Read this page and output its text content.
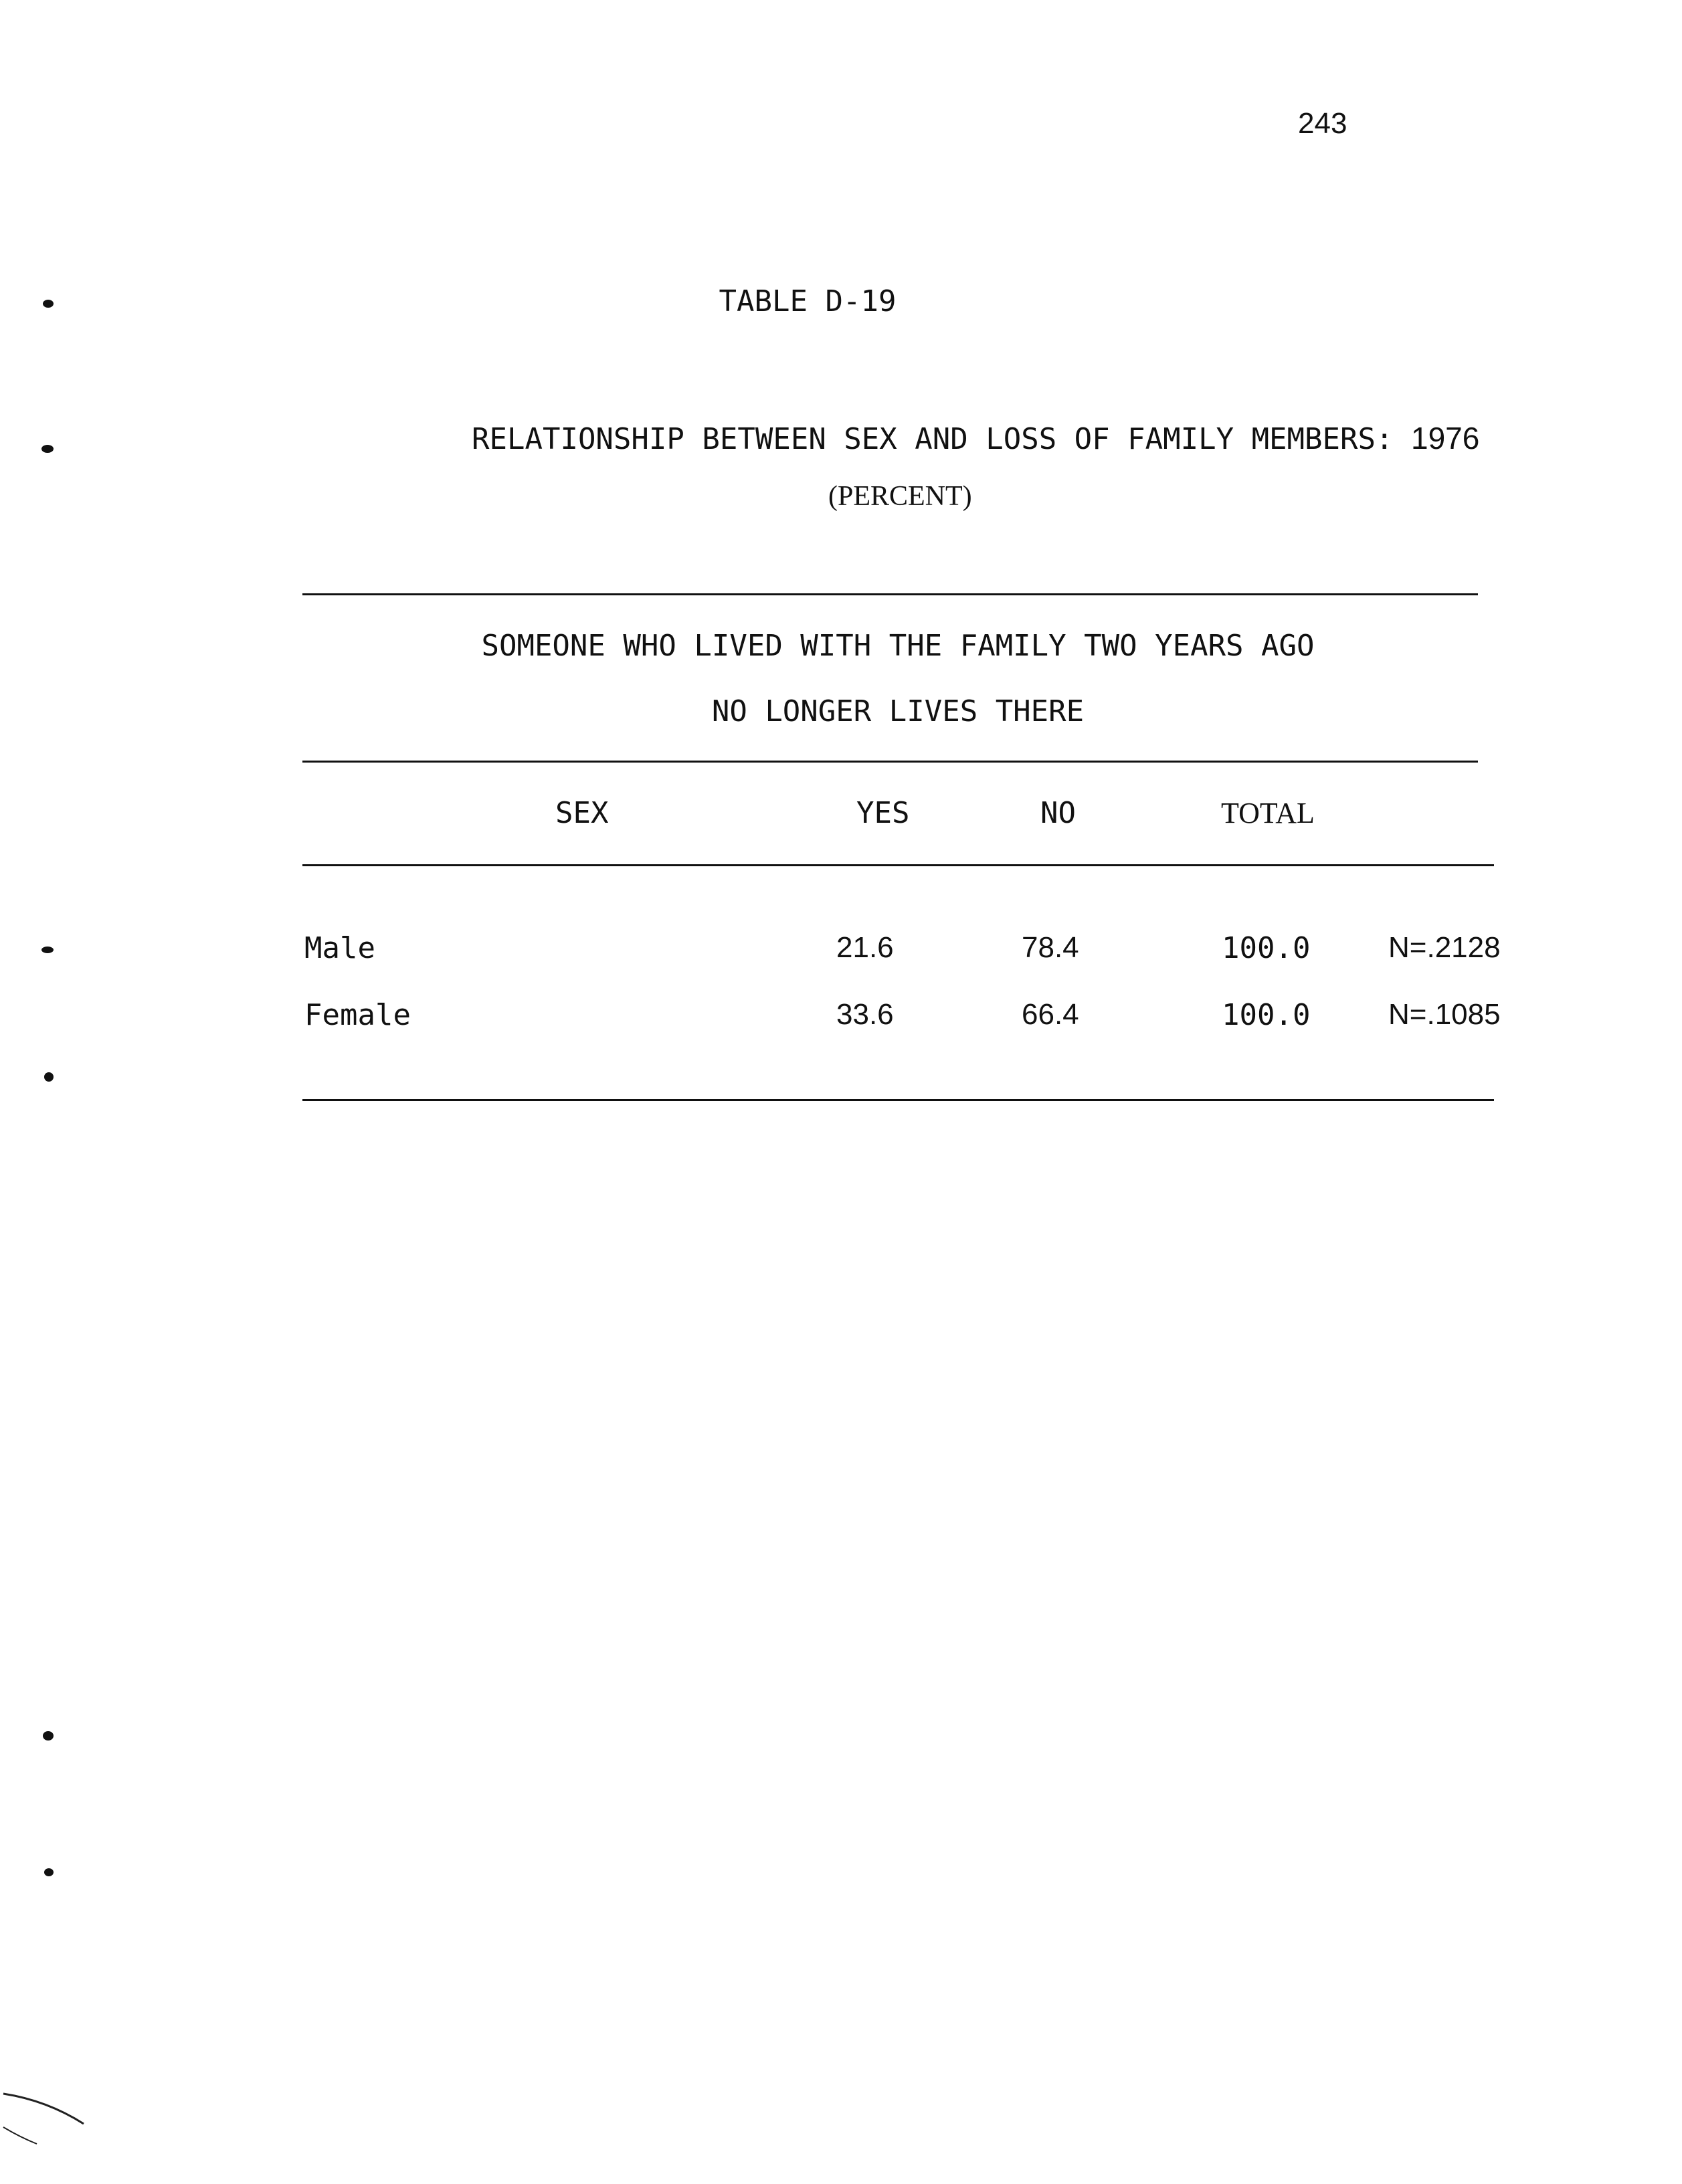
243
TABLE D-19
RELATIONSHIP BETWEEN SEX AND LOSS OF FAMILY MEMBERS: 1976
(PERCENT)
SOMEONE WHO LIVED WITH THE FAMILY TWO YEARS AGO
NO LONGER LIVES THERE
SEX	YES	NO	TOTAL
Male	21.6	78.4	100.0	N=.2128
Female	33.6	66.4	100.0	N=.1085
